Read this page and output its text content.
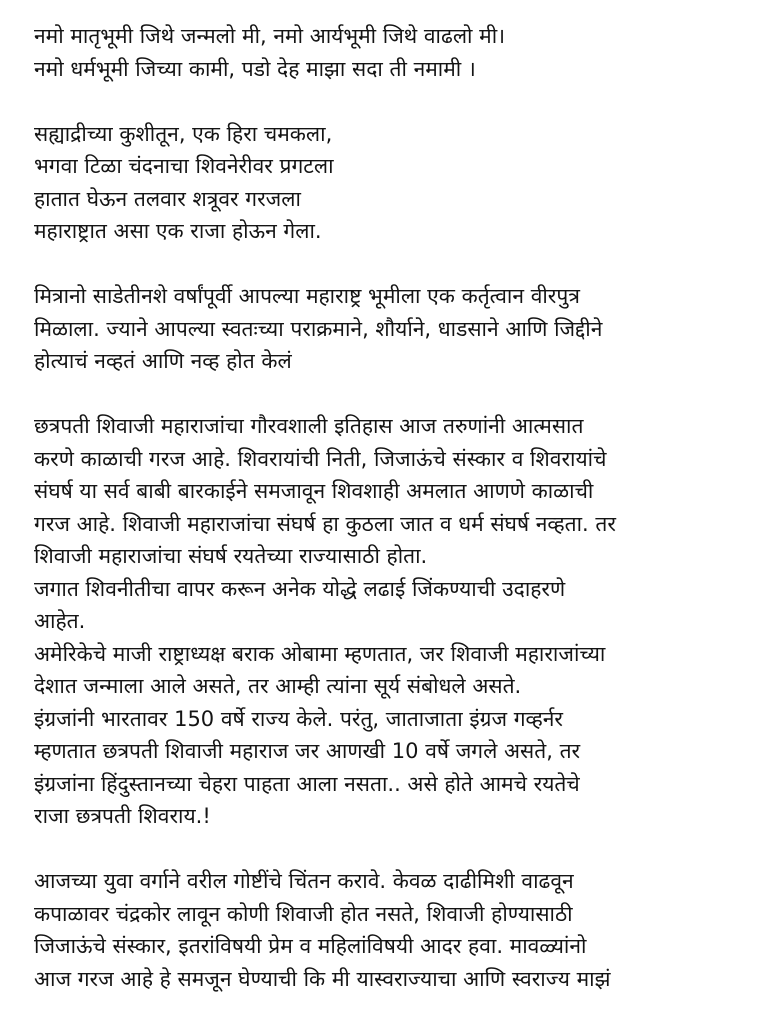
नमो मातृभूमी जिथे जन्मलो मी, नमो आर्यभूमी जिथे वाढलो मी।
नमो धर्मभूमी जिच्या कामी, पडो देह माझा सदा ती नमामी ।
सह्याद्रीच्या कुशीतून, एक हिरा चमकला,
भगवा टिळा चंदनाचा शिवनेरीवर प्रगटला
हातात घेऊन तलवार शत्रूवर गरजला
महाराष्ट्रात असा एक राजा होऊन गेला.
मित्रानो साडेतीनशे वर्षांपूर्वी आपल्या महाराष्ट्र भूमीला एक कर्तृत्वान वीरपुत्र
मिळाला. ज्याने आपल्या स्वतःच्या पराक्रमाने, शौर्याने, धाडसाने आणि जिद्दीने
होत्याचं नव्हतं आणि नव्ह होत केलं
छत्रपती शिवाजी महाराजांचा गौरवशाली इतिहास आज तरुणांनी आत्मसात
करणे काळाची गरज आहे. शिवरायांची निती, जिजाऊंचे संस्कार व शिवरायांचे
संघर्ष या सर्व बाबी बारकाईने समजावून शिवशाही अमलात आणणे काळाची
गरज आहे. शिवाजी महाराजांचा संघर्ष हा कुठला जात व धर्म संघर्ष नव्हता. तर
शिवाजी महाराजांचा संघर्ष रयतेच्या राज्यासाठी होता.
जगात शिवनीतीचा वापर करून अनेक योद्धे लढाई जिंकण्याची उदाहरणे
आहेत.
अमेरिकेचे माजी राष्ट्राध्यक्ष बराक ओबामा म्हणतात, जर शिवाजी महाराजांच्या
देशात जन्माला आले असते, तर आम्ही त्यांना सूर्य संबोधले असते.
इंग्रजांनी भारतावर 150 वर्षे राज्य केले. परंतु, जाताजाता इंग्रज गव्हर्नर
म्हणतात छत्रपती शिवाजी महाराज जर आणखी 10 वर्षे जगले असते, तर
इंग्रजांना हिंदुस्तानच्या चेहरा पाहता आला नसता.. असे होते आमचे रयतेचे
राजा छत्रपती शिवराय.!
आजच्या युवा वर्गाने वरील गोष्टींचे चिंतन करावे. केवळ दाढीमिशी वाढवून
कपाळावर चंद्रकोर लावून कोणी शिवाजी होत नसते, शिवाजी होण्यासाठी
जिजाऊंचे संस्कार, इतरांविषयी प्रेम व महिलांविषयी आदर हवा. मावळ्यांनो
आज गरज आहे हे समजून घेण्याची कि मी यास्वराज्याचा आणि स्वराज्य माझं
